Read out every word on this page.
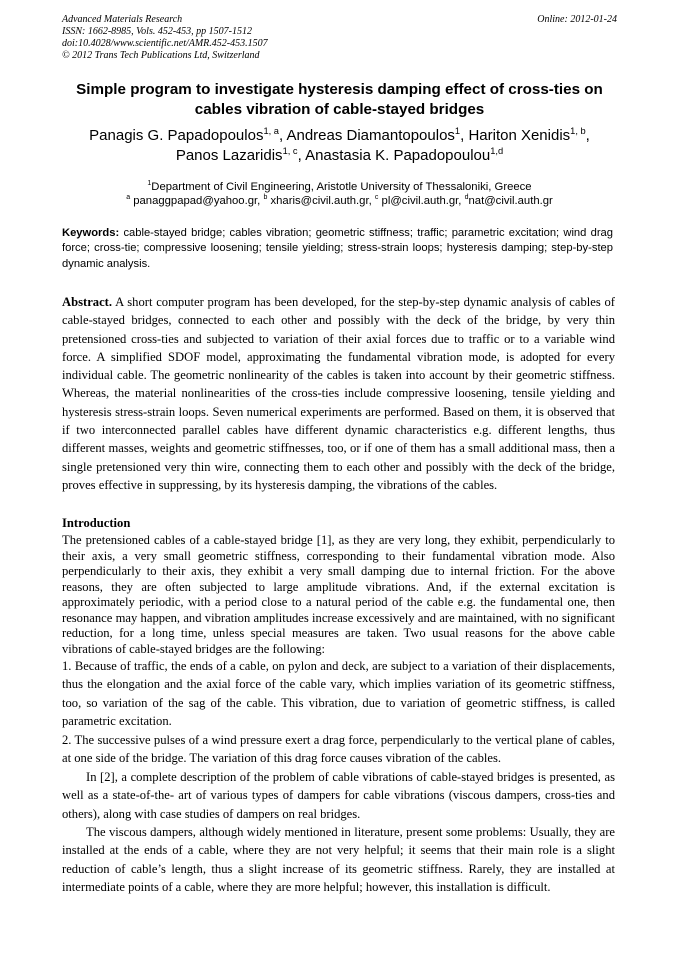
Advanced Materials Research
ISSN: 1662-8985, Vols. 452-453, pp 1507-1512
doi:10.4028/www.scientific.net/AMR.452-453.1507
© 2012 Trans Tech Publications Ltd, Switzerland
Online: 2012-01-24
Simple program to investigate hysteresis damping effect of cross-ties on cables vibration of cable-stayed bridges
Panagis G. Papadopoulos$^{1, a}$, Andreas Diamantopoulos$^1$, Hariton Xenidis$^{1, b}$,
Panos Lazaridis$^{1, c}$, Anastasia K. Papadopoulou$^{1,d}$
$^1$Department of Civil Engineering, Aristotle University of Thessaloniki, Greece
$^a$ panaggpapad@yahoo.gr, $^b$ xharis@civil.auth.gr, $^c$ pl@civil.auth.gr, $^d$nat@civil.auth.gr
Keywords: cable-stayed bridge; cables vibration; geometric stiffness; traffic; parametric excitation; wind drag force; cross-tie; compressive loosening; tensile yielding; stress-strain loops; hysteresis damping; step-by-step dynamic analysis.
Abstract. A short computer program has been developed, for the step-by-step dynamic analysis of cables of cable-stayed bridges, connected to each other and possibly with the deck of the bridge, by very thin pretensioned cross-ties and subjected to variation of their axial forces due to traffic or to a variable wind force. A simplified SDOF model, approximating the fundamental vibration mode, is adopted for every individual cable. The geometric nonlinearity of the cables is taken into account by their geometric stiffness. Whereas, the material nonlinearities of the cross-ties include compressive loosening, tensile yielding and hysteresis stress-strain loops. Seven numerical experiments are performed. Based on them, it is observed that if two interconnected parallel cables have different dynamic characteristics e.g. different lengths, thus different masses, weights and geometric stiffnesses, too, or if one of them has a small additional mass, then a single pretensioned very thin wire, connecting them to each other and possibly with the deck of the bridge, proves effective in suppressing, by its hysteresis damping, the vibrations of the cables.
Introduction

The pretensioned cables of a cable-stayed bridge [1], as they are very long, they exhibit, perpendicularly to their axis, a very small geometric stiffness, corresponding to their fundamental vibration mode. Also perpendicularly to their axis, they exhibit a very small damping due to internal friction. For the above reasons, they are often subjected to large amplitude vibrations. And, if the external excitation is approximately periodic, with a period close to a natural period of the cable e.g. the fundamental one, then resonance may happen, and vibration amplitudes increase excessively and are maintained, with no significant reduction, for a long time, unless special measures are taken. Two usual reasons for the above cable vibrations of cable-stayed bridges are the following:

1. Because of traffic, the ends of a cable, on pylon and deck, are subject to a variation of their displacements, thus the elongation and the axial force of the cable vary, which implies variation of its geometric stiffness, too, so variation of the sag of the cable. This vibration, due to variation of geometric stiffness, is called parametric excitation.

2. The successive pulses of a wind pressure exert a drag force, perpendicularly to the vertical plane of cables, at one side of the bridge. The variation of this drag force causes vibration of the cables.

In [2], a complete description of the problem of cable vibrations of cable-stayed bridges is presented, as well as a state-of-the- art of various types of dampers for cable vibrations (viscous dampers, cross-ties and others), along with case studies of dampers on real bridges.

The viscous dampers, although widely mentioned in literature, present some problems: Usually, they are installed at the ends of a cable, where they are not very helpful; it seems that their main role is a slight reduction of cable’s length, thus a slight increase of its geometric stiffness. Rarely, they are installed at intermediate points of a cable, where they are more helpful; however, this installation is difficult.
